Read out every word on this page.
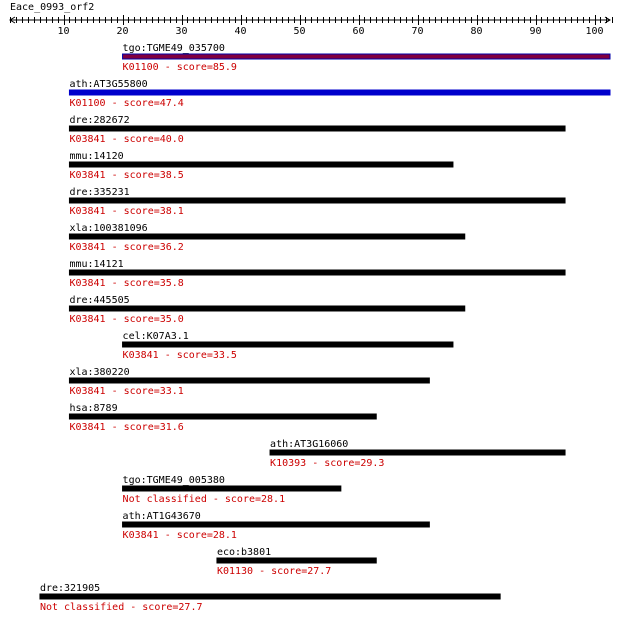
Eace_0993_orf2
10	20	30	40	50	60	70	80	90	100
tgo:TGME49_035700
K01100 - score=85.9
ath:AT3G55800
K01100 - score=47.4
dre:282672
K03841 - score=40.0
mmu:14120
K03841 - score=38.5
dre:335231
K03841 - score=38.1
xla:100381096
K03841 - score=36.2
mmu:14121
K03841 - score=35.8
dre:445505
K03841 - score=35.0
cel:K07A3.1
K03841 - score=33.5
xla:380220
K03841 - score=33.1
hsa:8789
K03841 - score=31.6
ath:AT3G16060
K10393 - score=29.3
tgo:TGME49_005380
Not classified - score=28.1
ath:AT1G43670
K03841 - score=28.1
eco:b3801
K01130 - score=27.7
dre:321905
Not classified - score=27.7
